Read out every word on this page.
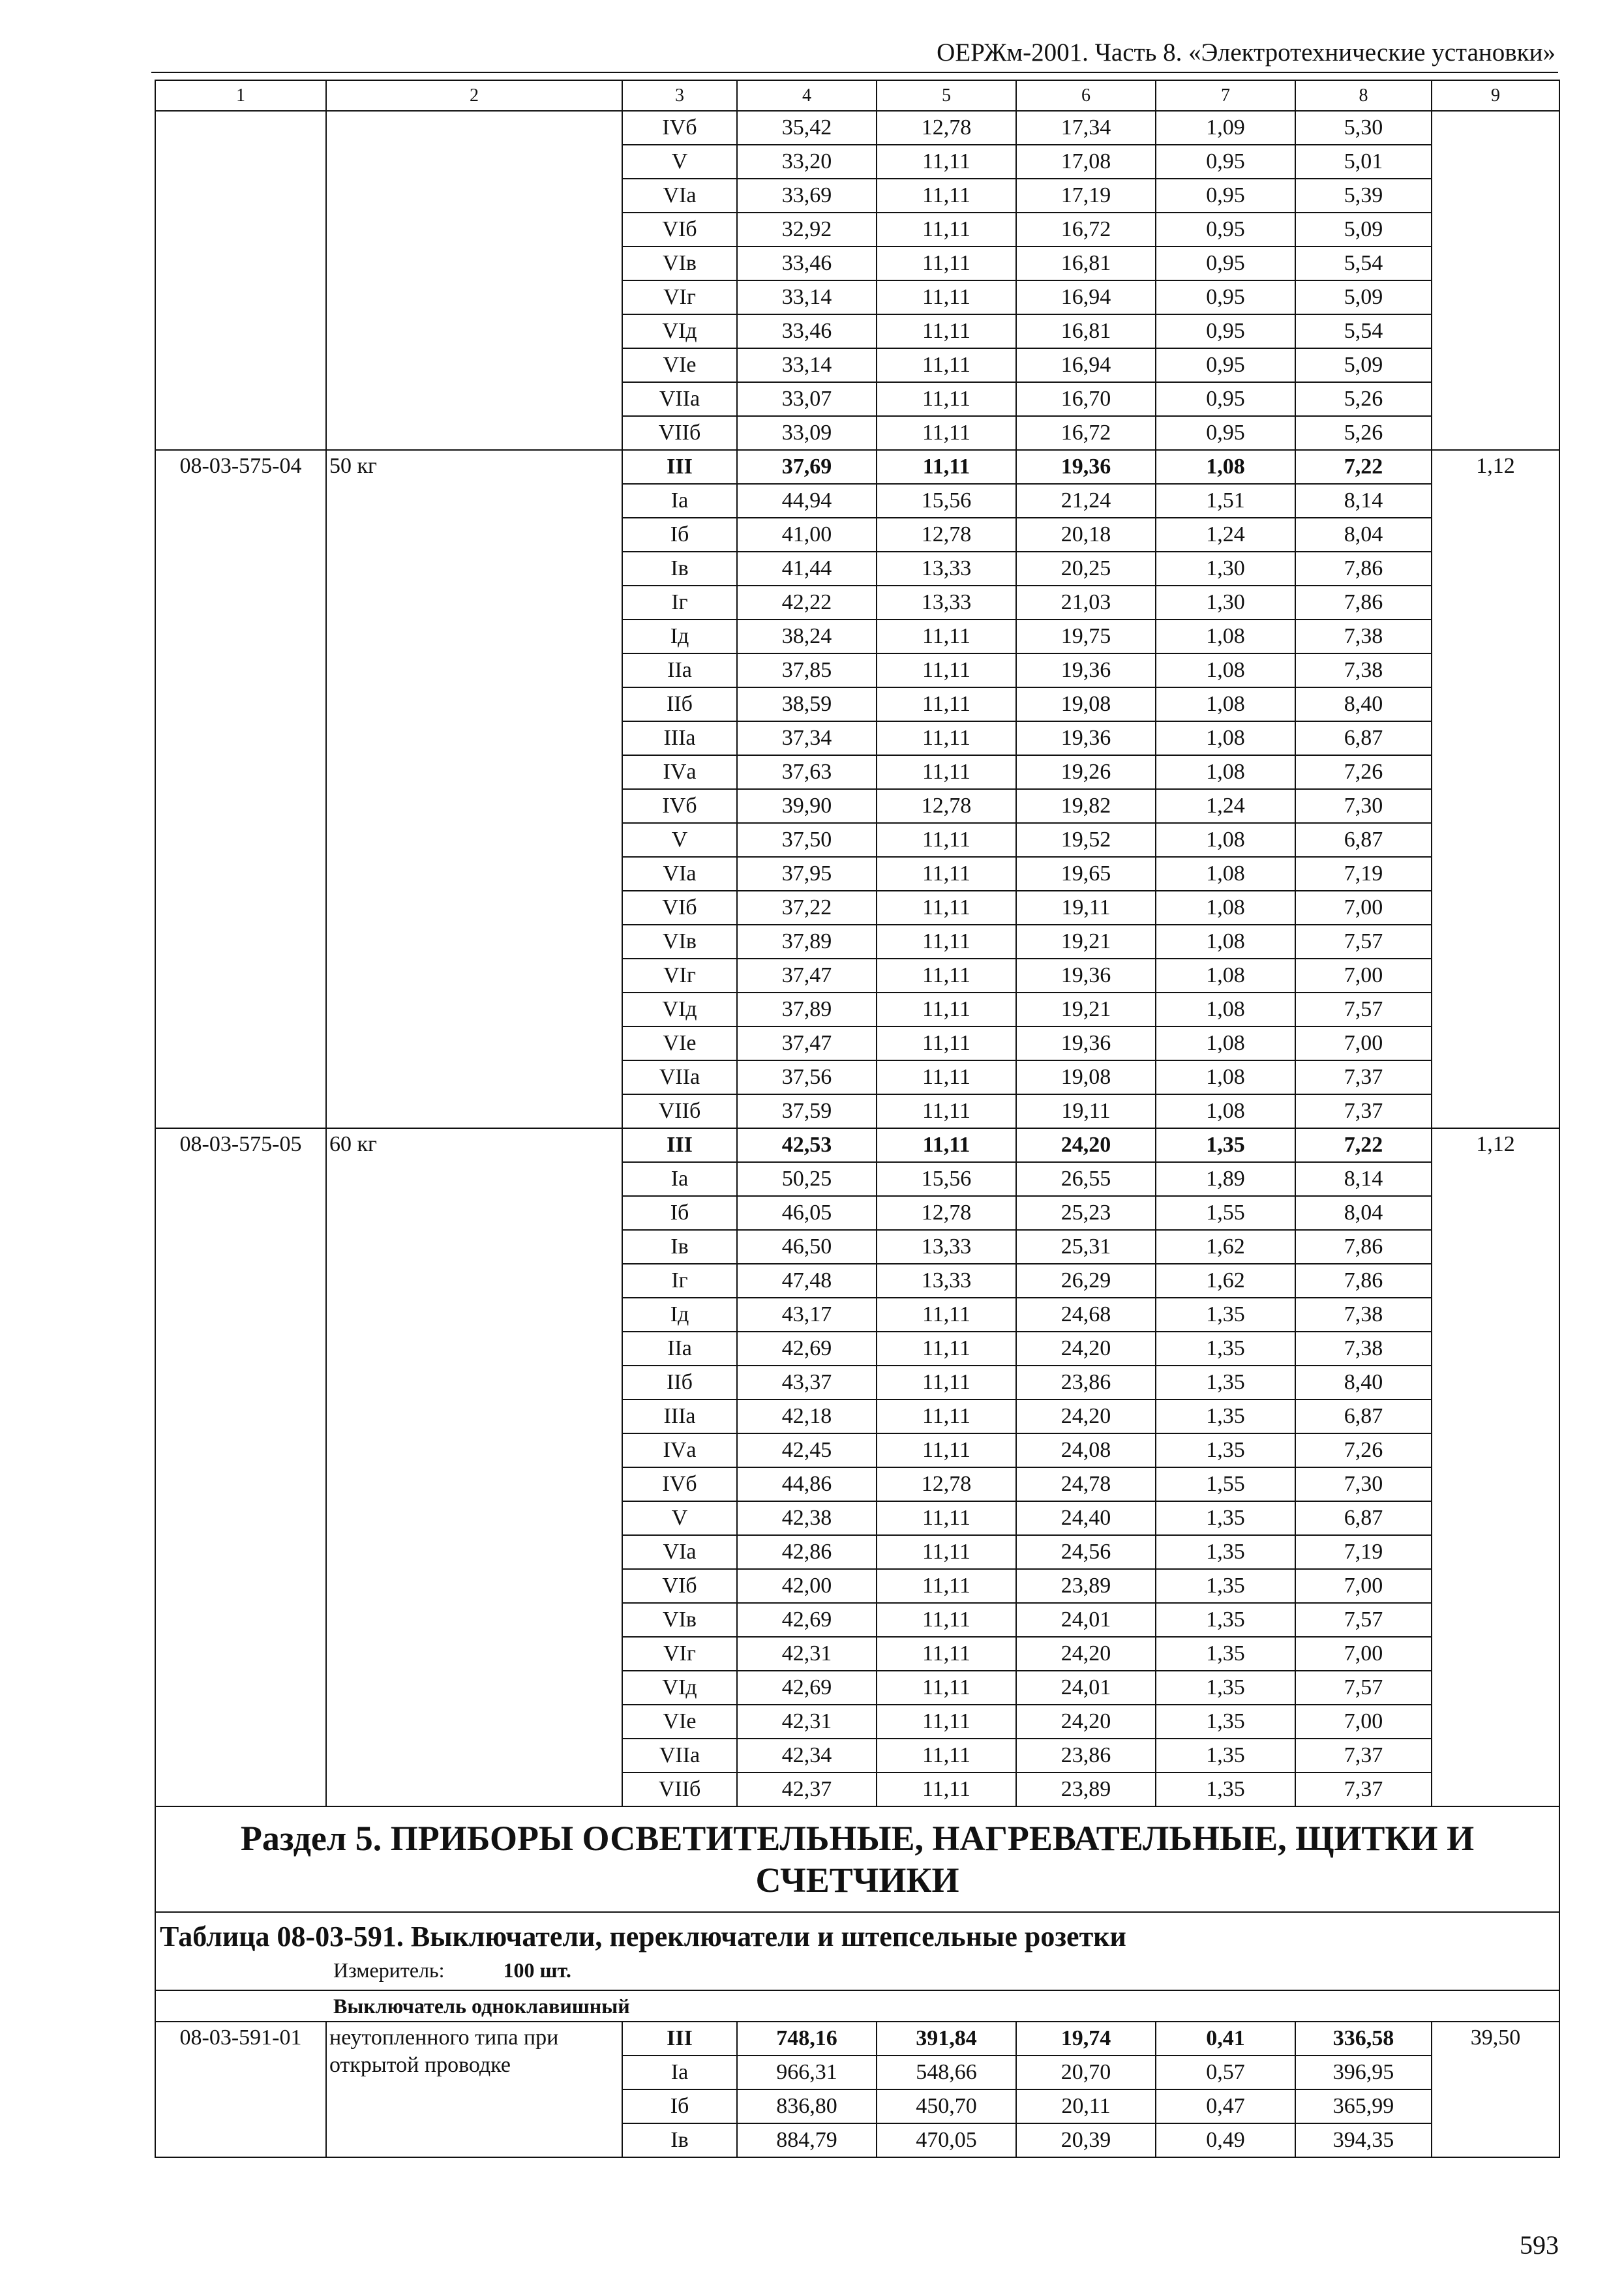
ОЕРЖм-2001. Часть 8. «Электротехнические установки»
1	2	3	4	5	6	7	8	9
		IVб	35,42	12,78	17,34	1,09	5,30	
		V	33,20	11,11	17,08	0,95	5,01	
		VIа	33,69	11,11	17,19	0,95	5,39	
		VIб	32,92	11,11	16,72	0,95	5,09	
		VIв	33,46	11,11	16,81	0,95	5,54	
		VIг	33,14	11,11	16,94	0,95	5,09	
		VIд	33,46	11,11	16,81	0,95	5,54	
		VIе	33,14	11,11	16,94	0,95	5,09	
		VIIа	33,07	11,11	16,70	0,95	5,26	
		VIIб	33,09	11,11	16,72	0,95	5,26	
08-03-575-04	50 кг	III	37,69	11,11	19,36	1,08	7,22	1,12
		Iа	44,94	15,56	21,24	1,51	8,14	
		Iб	41,00	12,78	20,18	1,24	8,04	
		Iв	41,44	13,33	20,25	1,30	7,86	
		Iг	42,22	13,33	21,03	1,30	7,86	
		Iд	38,24	11,11	19,75	1,08	7,38	
		IIа	37,85	11,11	19,36	1,08	7,38	
		IIб	38,59	11,11	19,08	1,08	8,40	
		IIIа	37,34	11,11	19,36	1,08	6,87	
		IVа	37,63	11,11	19,26	1,08	7,26	
		IVб	39,90	12,78	19,82	1,24	7,30	
		V	37,50	11,11	19,52	1,08	6,87	
		VIа	37,95	11,11	19,65	1,08	7,19	
		VIб	37,22	11,11	19,11	1,08	7,00	
		VIв	37,89	11,11	19,21	1,08	7,57	
		VIг	37,47	11,11	19,36	1,08	7,00	
		VIд	37,89	11,11	19,21	1,08	7,57	
		VIе	37,47	11,11	19,36	1,08	7,00	
		VIIа	37,56	11,11	19,08	1,08	7,37	
		VIIб	37,59	11,11	19,11	1,08	7,37	
08-03-575-05	60 кг	III	42,53	11,11	24,20	1,35	7,22	1,12
		Iа	50,25	15,56	26,55	1,89	8,14	
		Iб	46,05	12,78	25,23	1,55	8,04	
		Iв	46,50	13,33	25,31	1,62	7,86	
		Iг	47,48	13,33	26,29	1,62	7,86	
		Iд	43,17	11,11	24,68	1,35	7,38	
		IIа	42,69	11,11	24,20	1,35	7,38	
		IIб	43,37	11,11	23,86	1,35	8,40	
		IIIа	42,18	11,11	24,20	1,35	6,87	
		IVа	42,45	11,11	24,08	1,35	7,26	
		IVб	44,86	12,78	24,78	1,55	7,30	
		V	42,38	11,11	24,40	1,35	6,87	
		VIа	42,86	11,11	24,56	1,35	7,19	
		VIб	42,00	11,11	23,89	1,35	7,00	
		VIв	42,69	11,11	24,01	1,35	7,57	
		VIг	42,31	11,11	24,20	1,35	7,00	
		VIд	42,69	11,11	24,01	1,35	7,57	
		VIе	42,31	11,11	24,20	1,35	7,00	
		VIIа	42,34	11,11	23,86	1,35	7,37	
		VIIб	42,37	11,11	23,89	1,35	7,37	
Раздел 5. ПРИБОРЫ ОСВЕТИТЕЛЬНЫЕ, НАГРЕВАТЕЛЬНЫЕ, ЩИТКИ И СЧЕТЧИКИ								

Таблица 08-03-591. Выключатели, переключатели и штепсельные розетки
Измеритель: 100 шт.								

Выключатель одноклавишный								
08-03-591-01	неутопленного типа при открытой проводке	III	748,16	391,84	19,74	0,41	336,58	39,50
		Iа	966,31	548,66	20,70	0,57	396,95	
		Iб	836,80	450,70	20,11	0,47	365,99	
		Iв	884,79	470,05	20,39	0,49	394,35	
593
